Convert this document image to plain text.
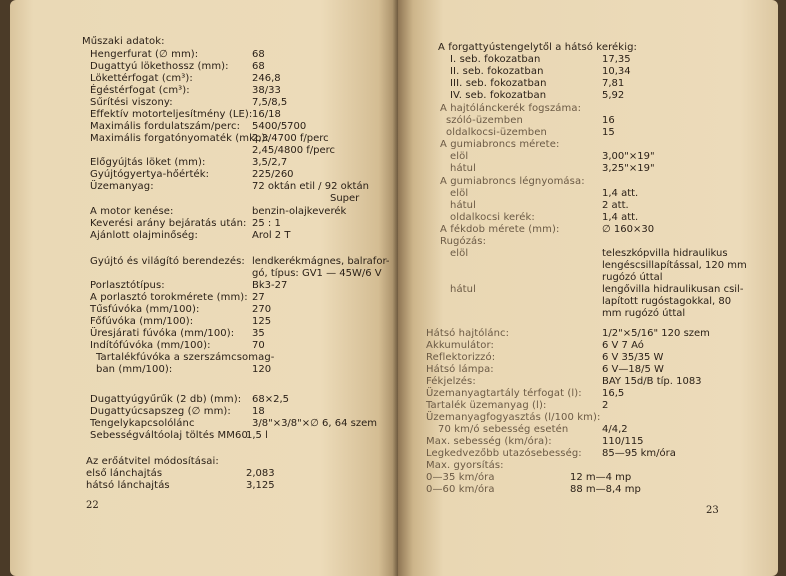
Műszaki adatok:
Hengerfurat (∅ mm):	68
Dugattyú lökethossz (mm): 68
Lökettérfogat (cm³):	246,8
Égéstérfogat (cm³):	38/33
Sűrítési viszony:	7,5/8,5
Effektív motorteljesítmény (LE): 16/18
Maximális fordulatszám/perc: 5400/5700
Maximális forgatónyomaték (mkp):
2,3/4700 f/perc
2,45/4800 f/perc
Előgyújtás löket (mm):	3,5/2,7
Gyújtógyertya-hőérték:	225/260
Üzemanyag:	72 oktán etil / 92 oktán
Super
A motor kenése:	benzin-olajkeverék
Keverési arány bejáratás után: 25 : 1
Ajánlott olajminőség:	Arol 2 T
Gyújtó és világító berendezés: lendkerékmágnes, balrafor-
gó, típus: GV1 — 45W/6 V
Porlasztótípus:	Bk3-27
A porlasztó torokmérete (mm): 27
Tűsfúvóka (mm/100):	270
Főfúvóka (mm/100):	125
Üresjárati fúvóka (mm/100): 35
Indítófúvóka (mm/100):	70
Tartalékfúvóka a szerszámcsomag-
ban (mm/100):	120
Dugattyúgyűrűk (2 db) (mm): 68×2,5
Dugattyúcsapszeg (∅ mm): 18
Tengelykapcsolólánc	3/8"×3/8"×∅ 6, 64 szem
Sebességváltóolaj töltés MM60
1,5 l
Az erőátvitel módosításai:
első lánchajtás	2,083
hátsó lánchajtás	3,125
22
A forgattyústengelytől a hátsó kerékig:
I. seb. fokozatban	17,35
II. seb. fokozatban	10,34
III. seb. fokozatban	7,81
IV. seb. fokozatban	5,92
A hajtólánckerék fogszáma:
szóló-üzemben	16
oldalkocsi-üzemben	15
A gumiabroncs mérete:
elöl	3,00"×19"
hátul	3,25"×19"
A gumiabroncs légnyomása:
elöl	1,4 att.
hátul	2 att.
oldalkocsi kerék:	1,4 att.
A fékdob mérete (mm):	∅ 160×30
Rugózás:
elöl	teleszkópvilla hidraulikus
lengéscsillapítással, 120 mm
rugózó úttal
hátul	lengővilla hidraulikusan csil-
lapított rugóstagokkal, 80
mm rugózó úttal
Hátsó hajtólánc:	1/2"×5/16" 120 szem
Akkumulátor:	6 V 7 Aó
Reflektorizzó:	6 V 35/35 W
Hátsó lámpa:	6 V—18/5 W
Fékjelzés:	BAY 15d/B típ. 1083
Üzemanyagtartály térfogat (l): 16,5
Tartalék üzemanyag (l):	2
Üzemanyagfogyasztás (l/100 km):
70 km/ó sebesség esetén	4/4,2
Max. sebesség (km/óra):	110/115
Legkedvezőbb utazósebesség: 85—95 km/óra
Max. gyorsítás:
0—35 km/óra	12 m—4 mp
0—60 km/óra	88 m—8,4 mp
23
